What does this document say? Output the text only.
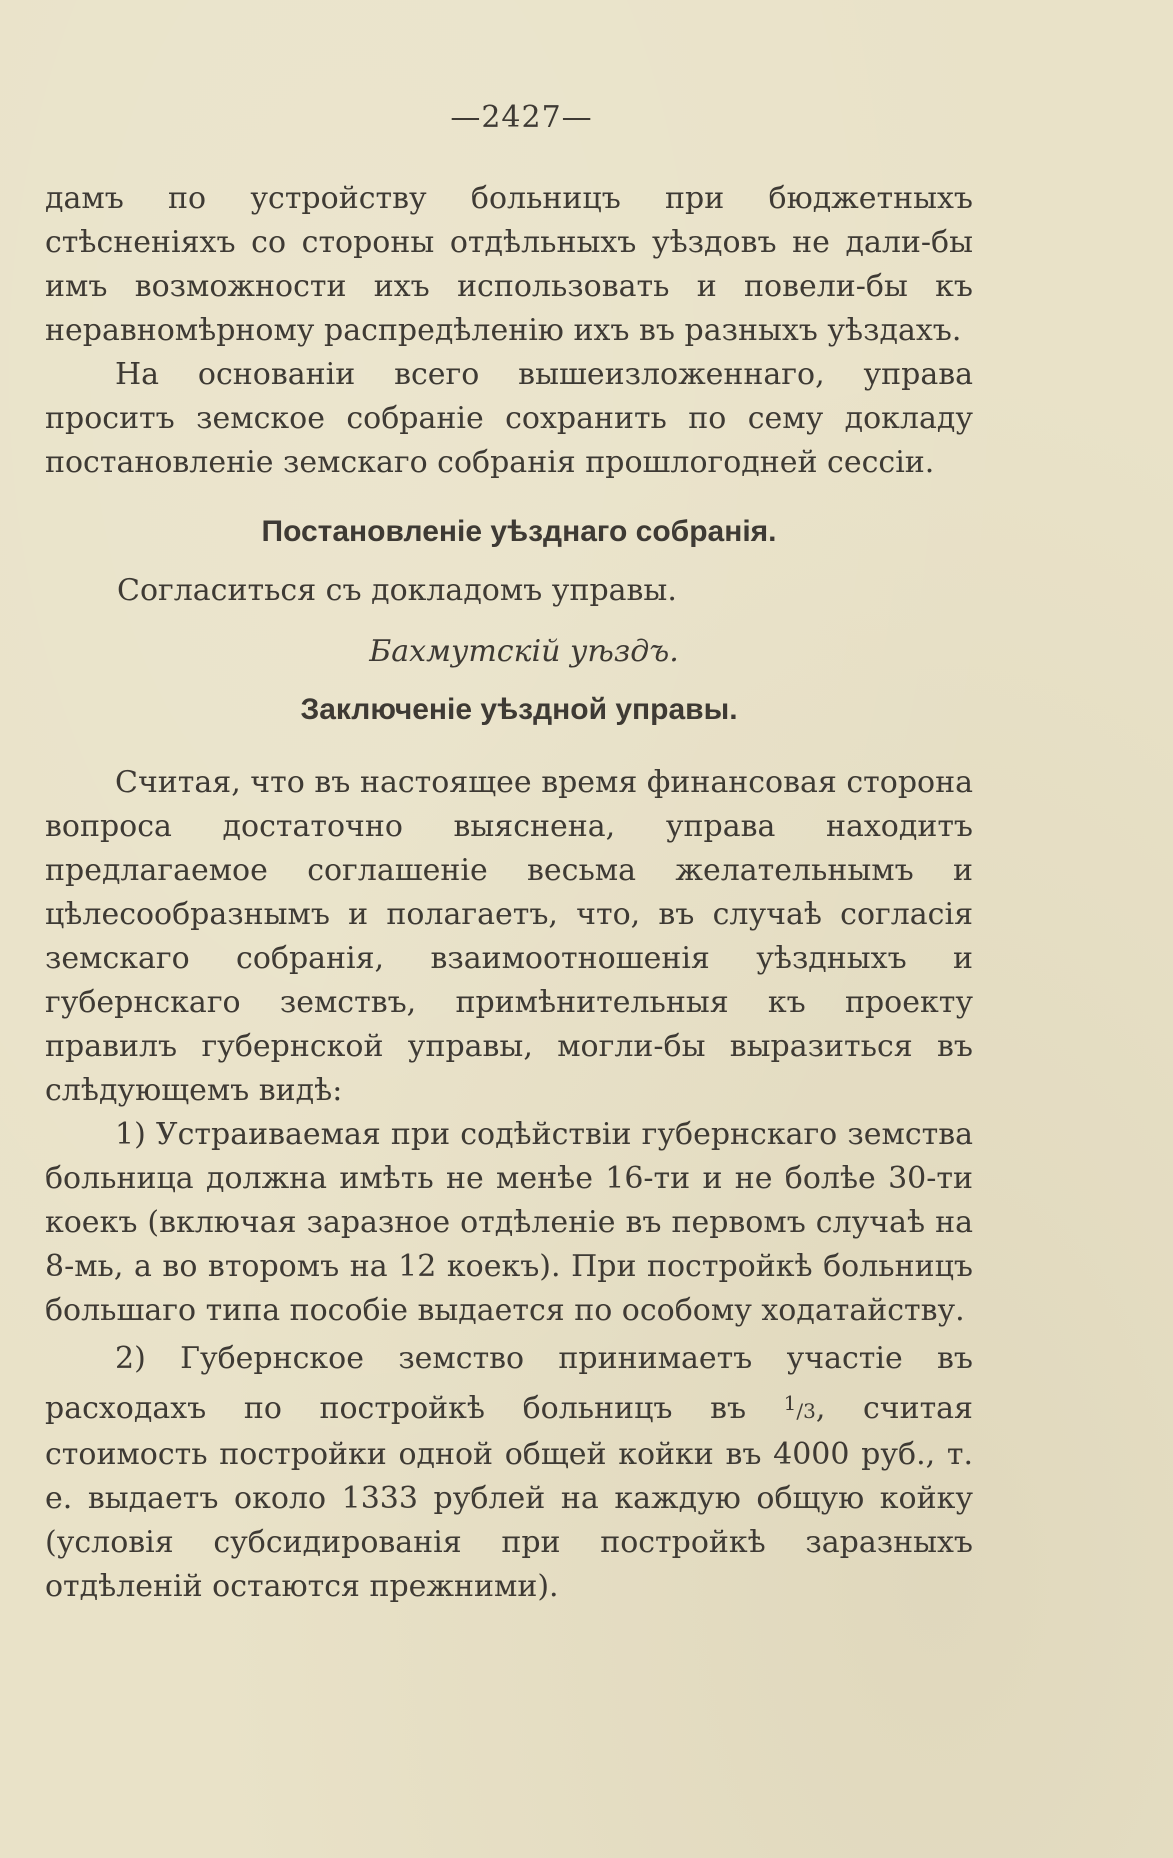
—2427—

дамъ по устройству больницъ при бюджетныхъ стѣсненіяхъ со стороны отдѣльныхъ уѣздовъ не дали-бы имъ возможности ихъ использовать и повели-бы къ неравномѣрному распредѣленію ихъ въ разныхъ уѣздахъ.

На основаніи всего вышеизложеннаго, управа проситъ земское собраніе сохранить по сему докладу постановленіе земскаго собранія прошлогодней сессіи.

Постановленіе уѣзднаго собранія.
Согласиться съ докладомъ управы.
Бахмутскій уѣздъ.
Заключеніе уѣздной управы.

Считая, что въ настоящее время финансовая сторона вопроса достаточно выяснена, управа находитъ предлагаемое соглашеніе весьма желательнымъ и цѣлесообразнымъ и полагаетъ, что, въ случаѣ согласія земскаго собранія, взаимоотношенія уѣздныхъ и губернскаго земствъ, примѣнительныя къ проекту правилъ губернской управы, могли-бы выразиться въ слѣдующемъ видѣ:

1) Устраиваемая при содѣйствіи губернскаго земства больница должна имѣть не менѣе 16-ти и не болѣе 30-ти коекъ (включая заразное отдѣленіе въ первомъ случаѣ на 8-мь, а во второмъ на 12 коекъ). При постройкѣ больницъ большаго типа пособіе выдается по особому ходатайству.

2) Губернское земство принимаетъ участіе въ расходахъ по постройкѣ больницъ въ $^1$/3, считая стоимость постройки одной общей койки въ 4000 руб., т. е. выдаетъ около 1333 рублей на каждую общую койку (условія субсидированія при постройкѣ заразныхъ отдѣленій остаются прежними).
